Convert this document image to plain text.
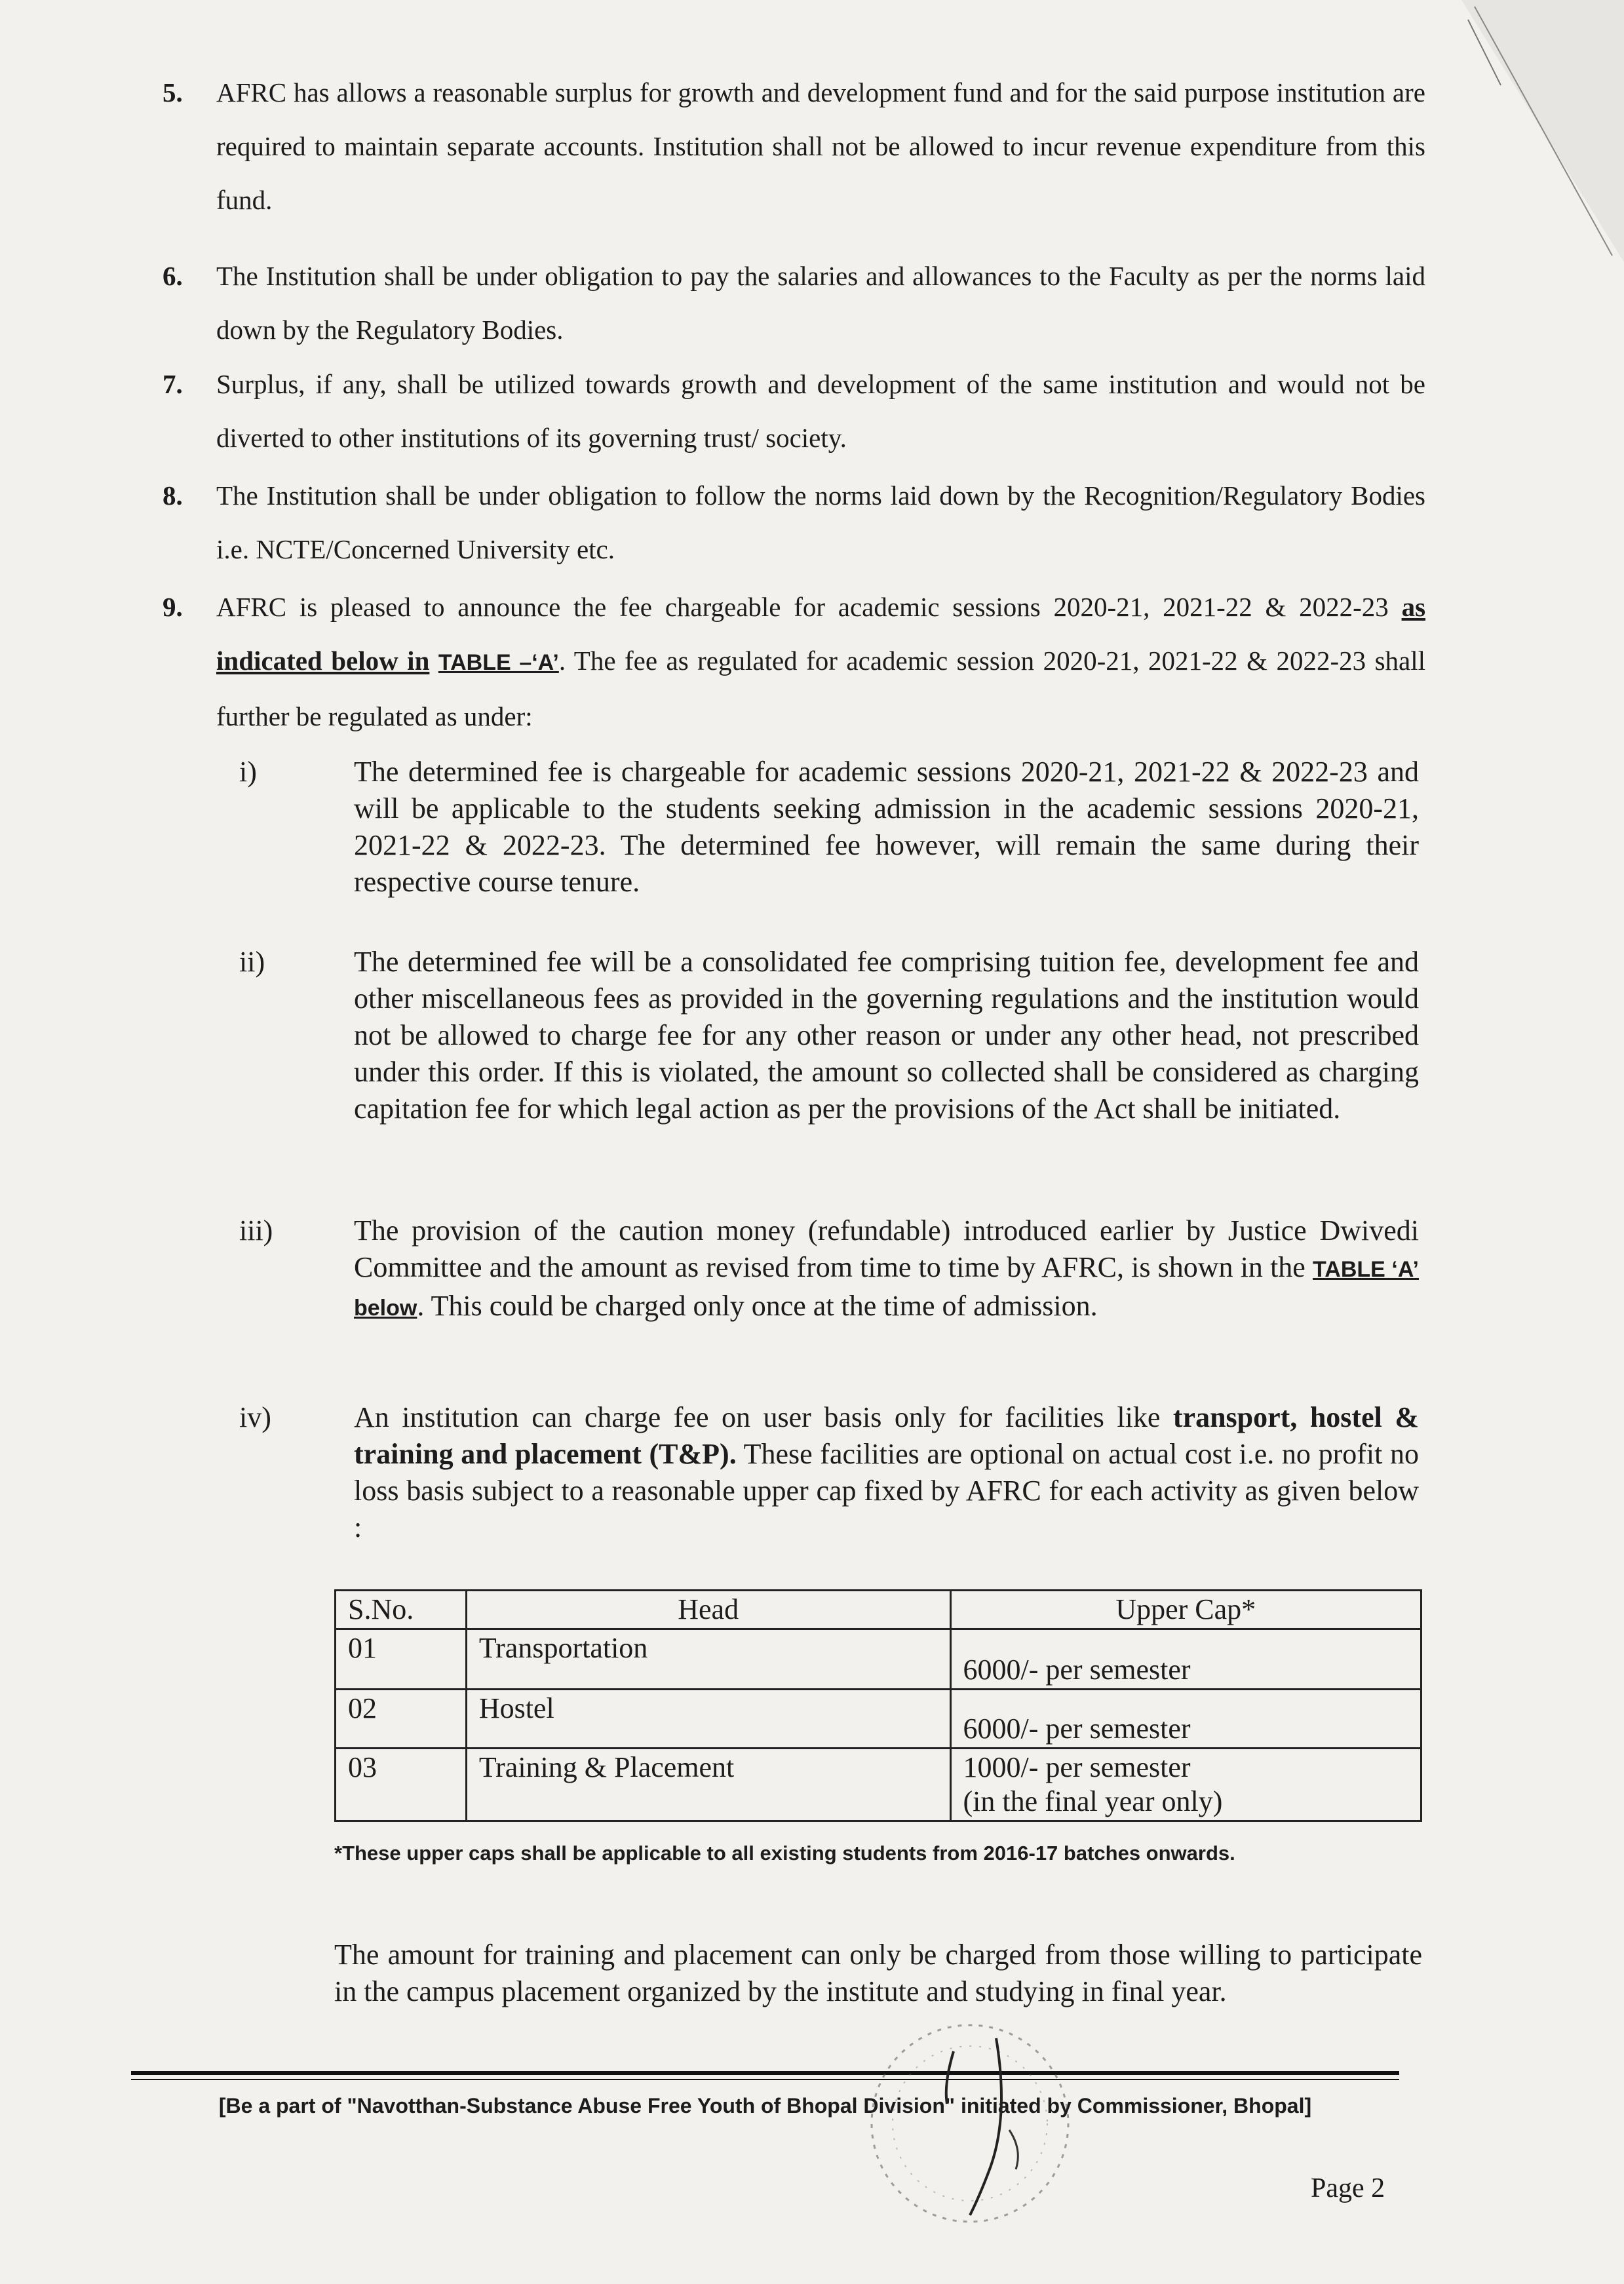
5. AFRC has allows a reasonable surplus for growth and development fund and for the said purpose institution are required to maintain separate accounts. Institution shall not be allowed to incur revenue expenditure from this fund.
6. The Institution shall be under obligation to pay the salaries and allowances to the Faculty as per the norms laid down by the Regulatory Bodies.
7. Surplus, if any, shall be utilized towards growth and development of the same institution and would not be diverted to other institutions of its governing trust/ society.
8. The Institution shall be under obligation to follow the norms laid down by the Recognition/Regulatory Bodies i.e. NCTE/Concerned University etc.
9. AFRC is pleased to announce the fee chargeable for academic sessions 2020-21, 2021-22 & 2022-23 as indicated below in TABLE –‘A’. The fee as regulated for academic session 2020-21, 2021-22 & 2022-23 shall further be regulated as under:
i)	The determined fee is chargeable for academic sessions 2020-21, 2021-22 & 2022-23 and will be applicable to the students seeking admission in the academic sessions 2020-21, 2021-22 & 2022-23. The determined fee however, will remain the same during their respective course tenure.
ii)	The determined fee will be a consolidated fee comprising tuition fee, development fee and other miscellaneous fees as provided in the governing regulations and the institution would not be allowed to charge fee for any other reason or under any other head, not prescribed under this order. If this is violated, the amount so collected shall be considered as charging capitation fee for which legal action as per the provisions of the Act shall be initiated.
iii)	The provision of the caution money (refundable) introduced earlier by Justice Dwivedi Committee and the amount as revised from time to time by AFRC, is shown in the TABLE ‘A’ below. This could be charged only once at the time of admission.
iv)	An institution can charge fee on user basis only for facilities like transport, hostel & training and placement (T&P). These facilities are optional on actual cost i.e. no profit no loss basis subject to a reasonable upper cap fixed by AFRC for each activity as given below :
S.No.	Head	Upper Cap*
01	Transportation	6000/- per semester
02	Hostel	6000/- per semester
03	Training & Placement	1000/- per semester
(in the final year only)
*These upper caps shall be applicable to all existing students from 2016-17 batches onwards.
The amount for training and placement can only be charged from those willing to participate in the campus placement organized by the institute and studying in final year.
[Be a part of "Navotthan-Substance Abuse Free Youth of Bhopal Division" initiated by Commissioner, Bhopal]
Page 2
